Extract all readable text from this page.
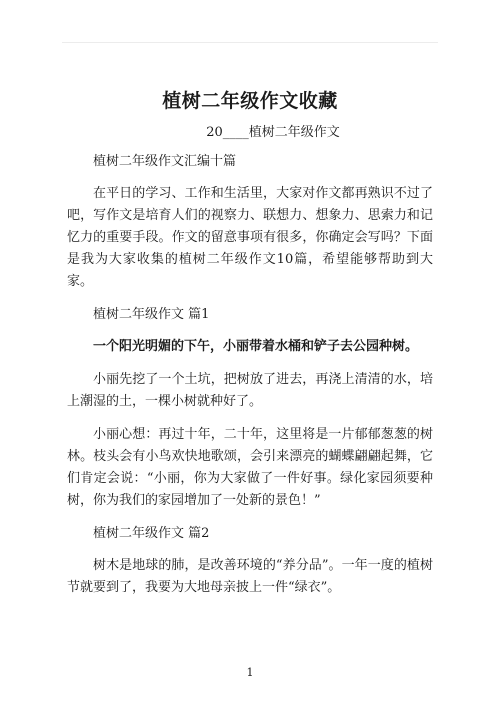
植树二年级作文收藏
20____植树二年级作文

植树二年级作文汇编十篇

在平日的学习、工作和生活里，大家对作文都再熟识不过了吧，写作文是培育人们的视察力、联想力、想象力、思索力和记忆力的重要手段。作文的留意事项有很多，你确定会写吗？下面是我为大家收集的植树二年级作文10篇，希望能够帮助到大家。

植树二年级作文 篇1

一个阳光明媚的下午，小丽带着水桶和铲子去公园种树。

小丽先挖了一个土坑，把树放了进去，再浇上清清的水，培上潮湿的土，一棵小树就种好了。

小丽心想：再过十年，二十年，这里将是一片郁郁葱葱的树林。枝头会有小鸟欢快地歌颂，会引来漂亮的蝴蝶翩翩起舞，它们肯定会说：“小丽，你为大家做了一件好事。绿化家园须要种树，你为我们的家园增加了一处新的景色！”

植树二年级作文 篇2

树木是地球的肺，是改善环境的“养分品”。一年一度的植树节就要到了，我要为大地母亲披上一件“绿衣”。

1
